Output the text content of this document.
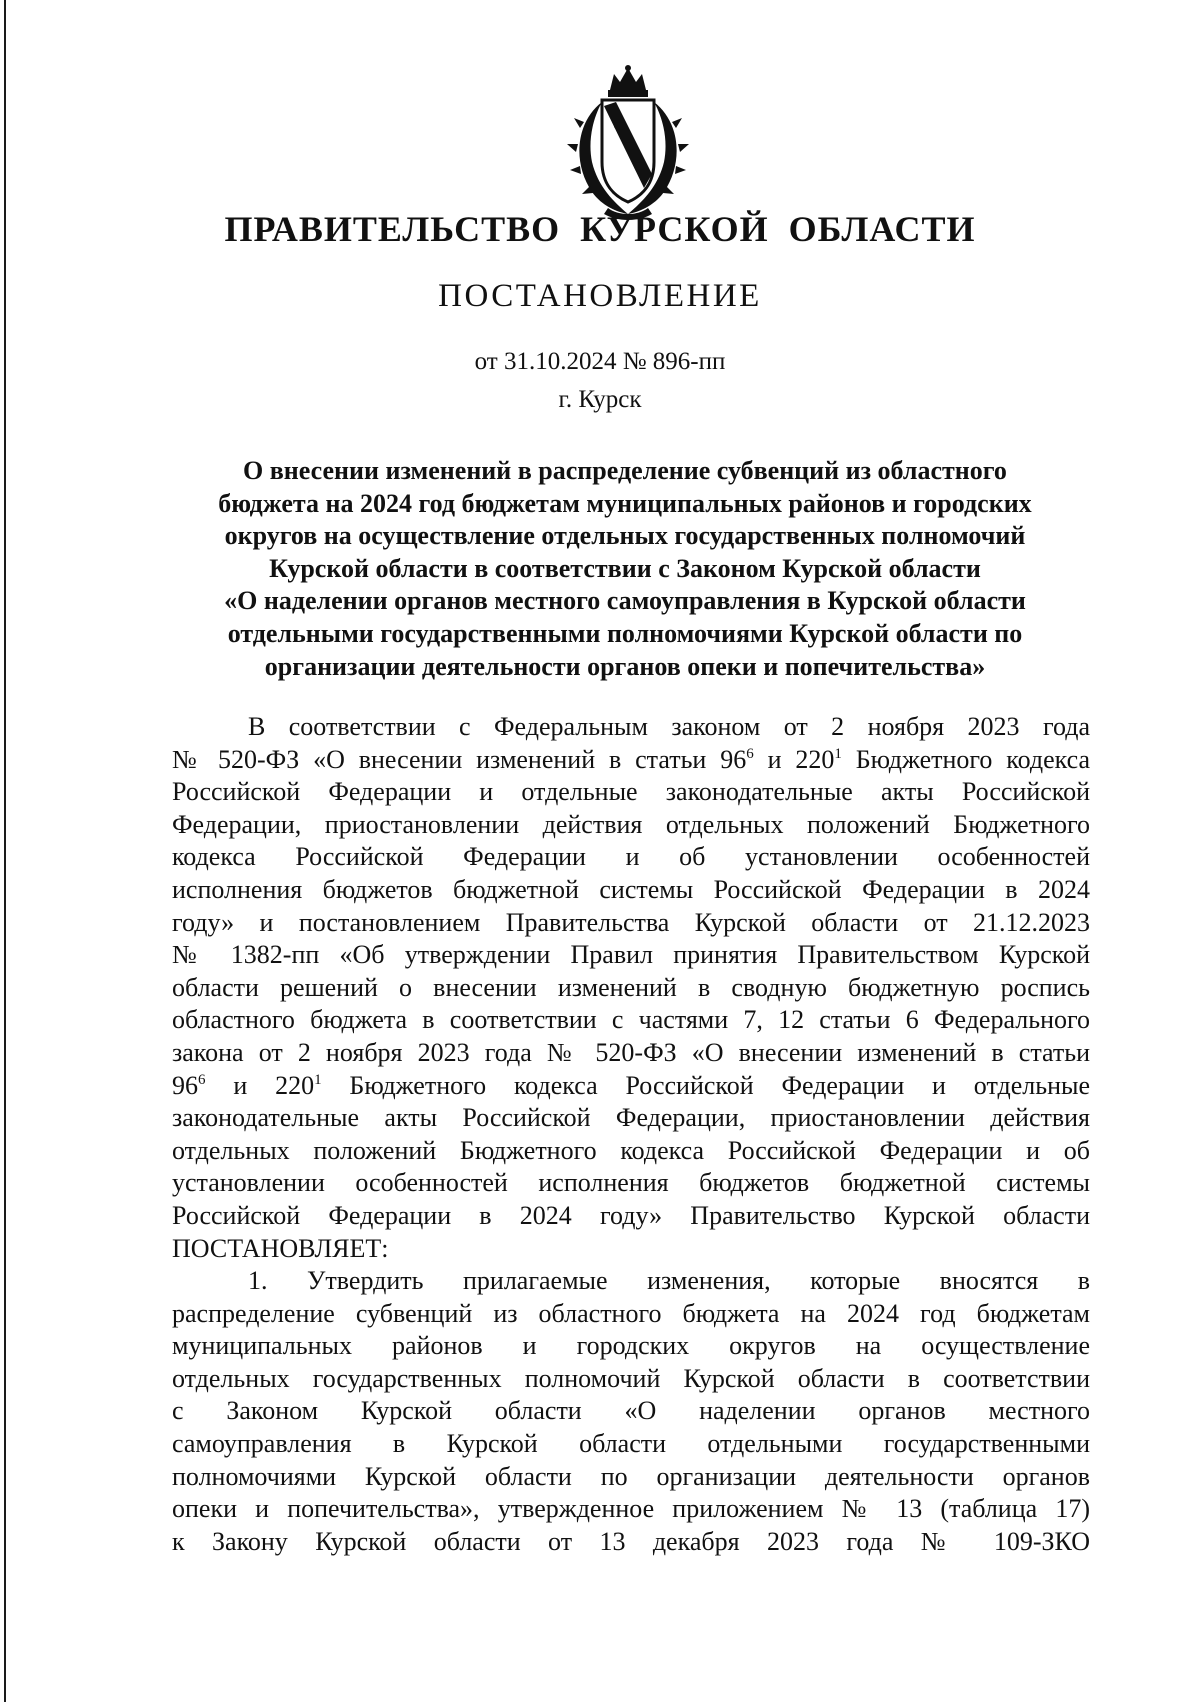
ПРАВИТЕЛЬСТВО КУРСКОЙ ОБЛАСТИ
ПОСТАНОВЛЕНИЕ
от 31.10.2024 № 896-пп
г. Курск
О внесении изменений в распределение субвенций из областного
бюджета на 2024 год бюджетам муниципальных районов и городских
округов на осуществление отдельных государственных полномочий
Курской области в соответствии с Законом Курской области
«О наделении органов местного самоуправления в Курской области
отдельными государственными полномочиями Курской области по
организации деятельности органов опеки и попечительства»
В соответствии с Федеральным законом от 2 ноября 2023 года
№ 520-ФЗ «О внесении изменений в статьи $96^6$ и $220^1$ Бюджетного кодекса
Российской Федерации и отдельные законодательные акты Российской
Федерации, приостановлении действия отдельных положений Бюджетного
кодекса Российской Федерации и об установлении особенностей
исполнения бюджетов бюджетной системы Российской Федерации в 2024
году» и постановлением Правительства Курской области от 21.12.2023
№ 1382-пп «Об утверждении Правил принятия Правительством Курской
области решений о внесении изменений в сводную бюджетную роспись
областного бюджета в соответствии с частями 7, 12 статьи 6 Федерального
закона от 2 ноября 2023 года № 520-ФЗ «О внесении изменений в статьи
$96^6$ и $220^1$ Бюджетного кодекса Российской Федерации и отдельные
законодательные акты Российской Федерации, приостановлении действия
отдельных положений Бюджетного кодекса Российской Федерации и об
установлении особенностей исполнения бюджетов бюджетной системы
Российской Федерации в 2024 году» Правительство Курской области
ПОСТАНОВЛЯЕТ:
1. Утвердить прилагаемые изменения, которые вносятся в
распределение субвенций из областного бюджета на 2024 год бюджетам
муниципальных районов и городских округов на осуществление
отдельных государственных полномочий Курской области в соответствии
с Законом Курской области «О наделении органов местного
самоуправления в Курской области отдельными государственными
полномочиями Курской области по организации деятельности органов
опеки и попечительства», утвержденное приложением № 13 (таблица 17)
к Закону Курской области от 13 декабря 2023 года № 109-ЗКО
